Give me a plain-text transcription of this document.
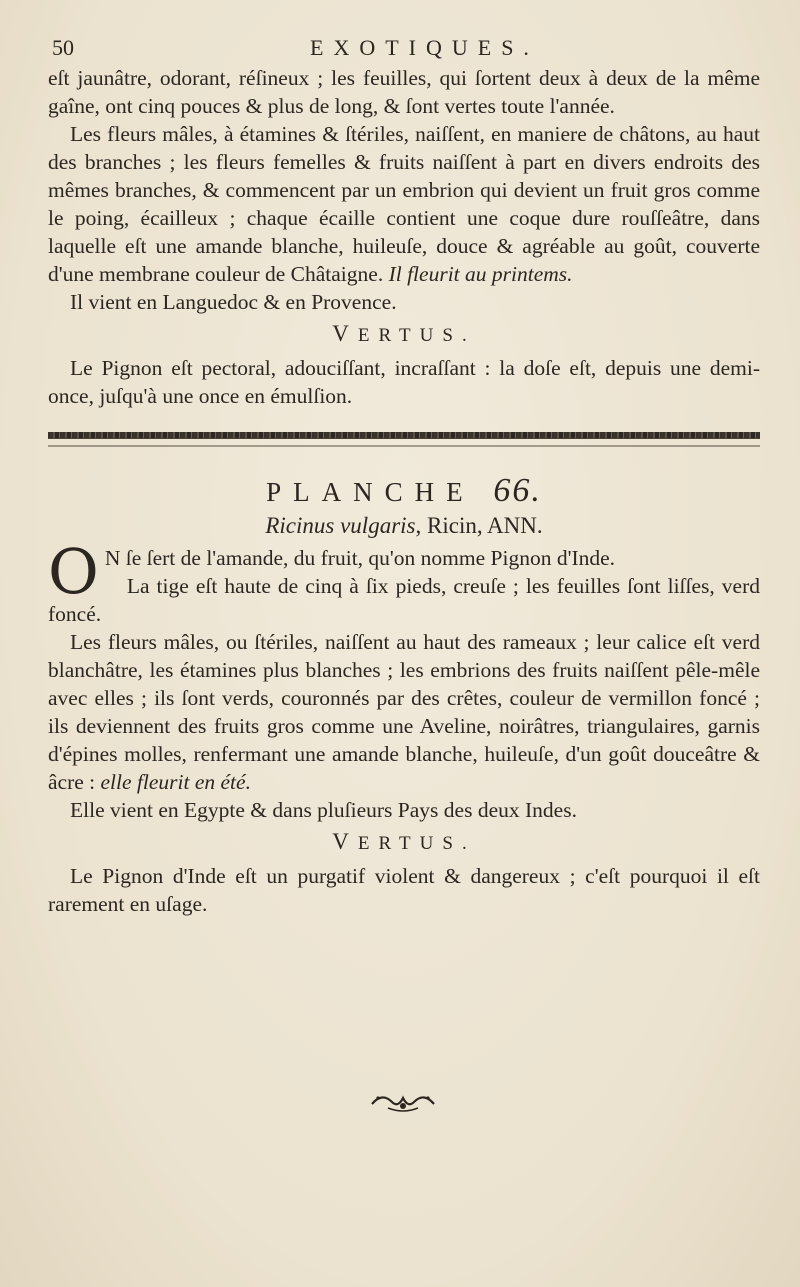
50	EXOTIQUES.

eſt jaunâtre, odorant, réſineux ; les feuilles, qui ſortent deux à deux de la même gaîne, ont cinq pouces & plus de long, & ſont vertes toute l'année.

Les fleurs mâles, à étamines & ſtériles, naiſſent, en maniere de châtons, au haut des branches ; les fleurs femelles & fruits naiſſent à part en divers endroits des mêmes branches, & commencent par un embrion qui devient un fruit gros comme le poing, écailleux ; chaque écaille contient une coque dure rouſſeâtre, dans laquelle eſt une amande blanche, huileuſe, douce & agréable au goût, couverte d'une membrane couleur de Châtaigne. Il fleurit au printems.

Il vient en Languedoc & en Provence.

VERTUS.

Le Pignon eſt pectoral, adouciſſant, incraſſant : la doſe eſt, depuis une demi-once, juſqu'à une once en émulſion.

PLANCHE 66.
Ricinus vulgaris, Ricin, ANN.

O N ſe ſert de l'amande, du fruit, qu'on nomme Pignon d'Inde.

La tige eſt haute de cinq à ſix pieds, creuſe ; les feuilles ſont liſſes, verd foncé.

Les fleurs mâles, ou ſtériles, naiſſent au haut des rameaux ; leur calice eſt verd blanchâtre, les étamines plus blanches ; les embrions des fruits naiſſent pêle-mêle avec elles ; ils ſont verds, couronnés par des crêtes, couleur de vermillon foncé ; ils deviennent des fruits gros comme une Aveline, noirâtres, triangulaires, garnis d'épines molles, renfermant une amande blanche, huileuſe, d'un goût douceâtre & âcre : elle fleurit en été.

Elle vient en Egypte & dans pluſieurs Pays des deux Indes.

VERTUS.

Le Pignon d'Inde eſt un purgatif violent & dangereux ; c'eſt pourquoi il eſt rarement en uſage.
